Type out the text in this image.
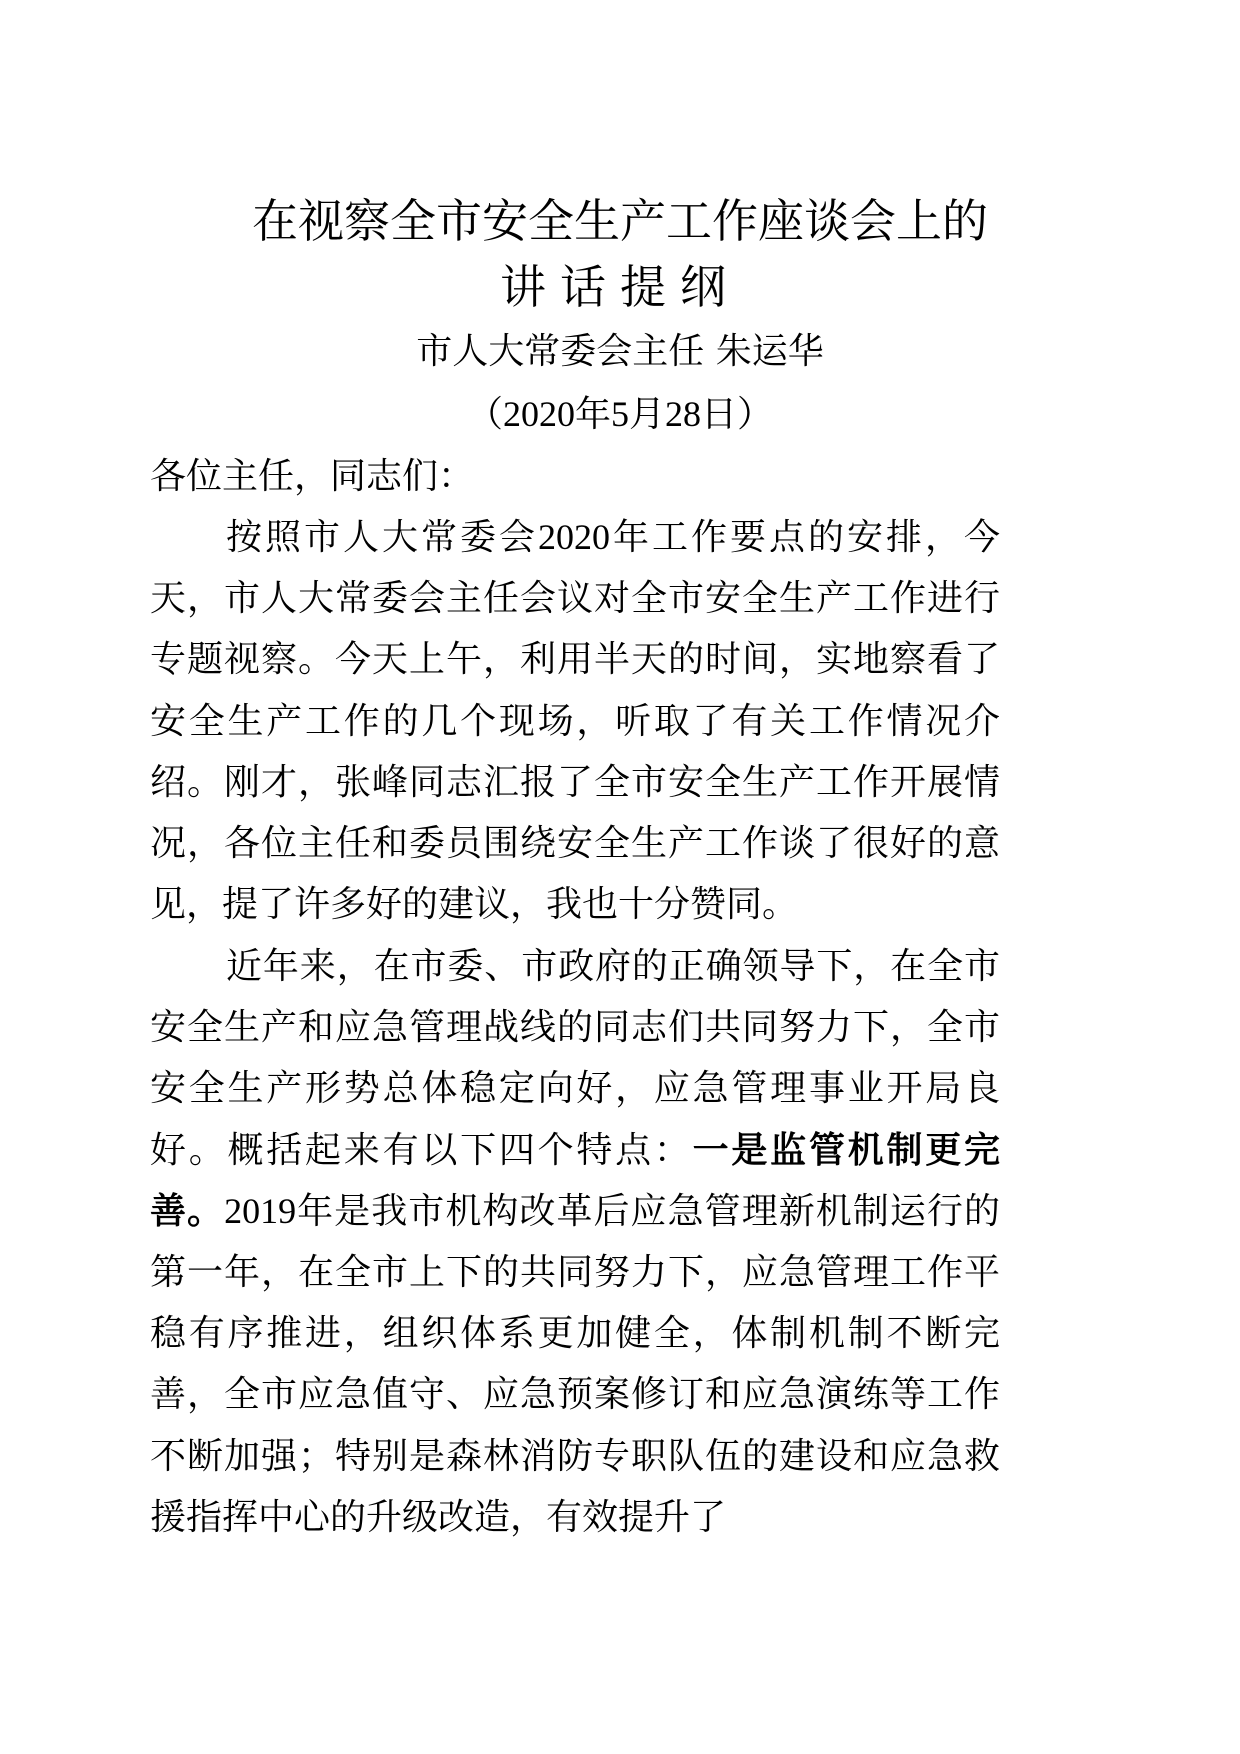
在视察全市安全生产工作座谈会上的
讲话提纲
市人大常委会主任 朱运华
（2020年5月28日）
各位主任，同志们：
按照市人大常委会2020年工作要点的安排，今天，市人大常委会主任会议对全市安全生产工作进行专题视察。今天上午，利用半天的时间，实地察看了安全生产工作的几个现场，听取了有关工作情况介绍。刚才，张峰同志汇报了全市安全生产工作开展情况，各位主任和委员围绕安全生产工作谈了很好的意见，提了许多好的建议，我也十分赞同。
近年来，在市委、市政府的正确领导下，在全市安全生产和应急管理战线的同志们共同努力下，全市安全生产形势总体稳定向好，应急管理事业开局良好。概括起来有以下四个特点：一是监管机制更完善。2019年是我市机构改革后应急管理新机制运行的第一年，在全市上下的共同努力下，应急管理工作平稳有序推进，组织体系更加健全，体制机制不断完善，全市应急值守、应急预案修订和应急演练等工作不断加强；特别是森林消防专职队伍的建设和应急救援指挥中心的升级改造，有效提升了
